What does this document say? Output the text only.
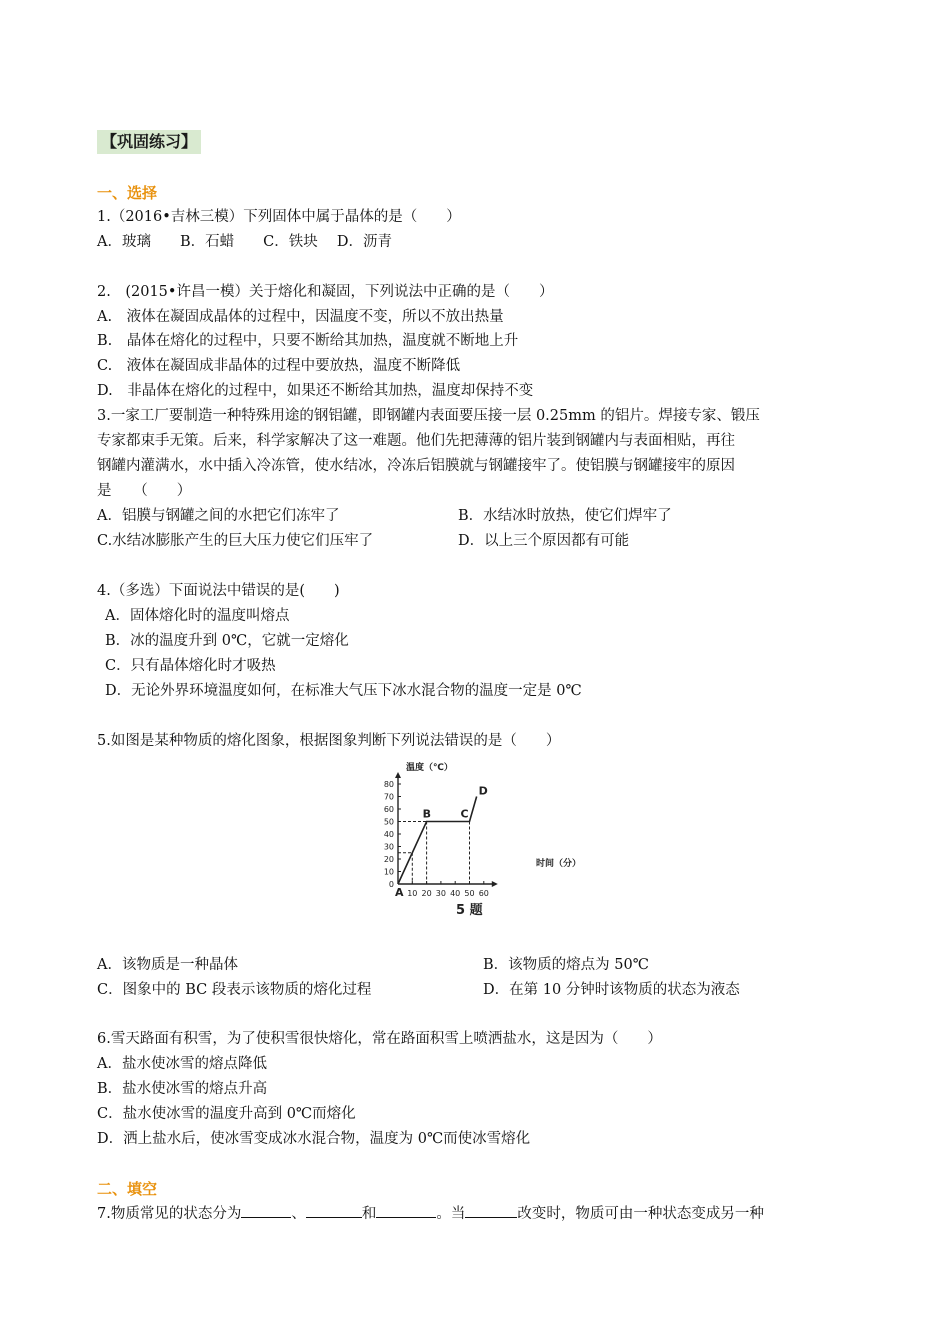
【巩固练习】
一、选择
1.（2016•吉林三模）下列固体中属于晶体的是（　　）
A．玻璃　　B．石蜡　　C．铁块　 D．沥青
2.　(2015•许昌一模）关于熔化和凝固，下列说法中正确的是（　　）
A.　液体在凝固成晶体的过程中，因温度不变，所以不放出热量
B.　晶体在熔化的过程中，只要不断给其加热，温度就不断地上升
C.　液体在凝固成非晶体的过程中要放热，温度不断降低
D.　非晶体在熔化的过程中，如果还不断给其加热，温度却保持不变
3.一家工厂要制造一种特殊用途的钢铝罐，即钢罐内表面要压接一层 0.25mm 的铝片。焊接专家、锻压
专家都束手无策。后来，科学家解决了这一难题。他们先把薄薄的铝片装到钢罐内与表面相贴，再往
钢罐内灌满水，水中插入冷冻管，使水结冰，冷冻后铝膜就与钢罐接牢了。使铝膜与钢罐接牢的原因
是　　（　　）
A．铝膜与钢罐之间的水把它们冻牢了	B．水结冰时放热，使它们焊牢了
C.水结冰膨胀产生的巨大压力使它们压牢了	D．以上三个原因都有可能
4.（多选）下面说法中错误的是(　　)
A．固体熔化时的温度叫熔点
B．冰的温度升到 0℃，它就一定熔化
C．只有晶体熔化时才吸热
D．无论外界环境温度如何，在标准大气压下冰水混合物的温度一定是 0℃
5.如图是某种物质的熔化图象，根据图象判断下列说法错误的是（　　）
80
70
60
50
40
30
20
10
0
10 20 30 40 50 60
A
B	C
D
温度（℃）
时间（分）
5 题
A．该物质是一种晶体	B．该物质的熔点为 50℃
C．图象中的 BC 段表示该物质的熔化过程	D．在第 10 分钟时该物质的状态为液态
6.雪天路面有积雪，为了使积雪很快熔化，常在路面积雪上喷洒盐水，这是因为（　　）
A．盐水使冰雪的熔点降低
B．盐水使冰雪的熔点升高
C．盐水使冰雪的温度升高到 0℃而熔化
D．洒上盐水后，使冰雪变成冰水混合物，温度为 0℃而使冰雪熔化
二、填空
7.物质常见的状态分为	、	和	。当	改变时，物质可由一种状态变成另一种
